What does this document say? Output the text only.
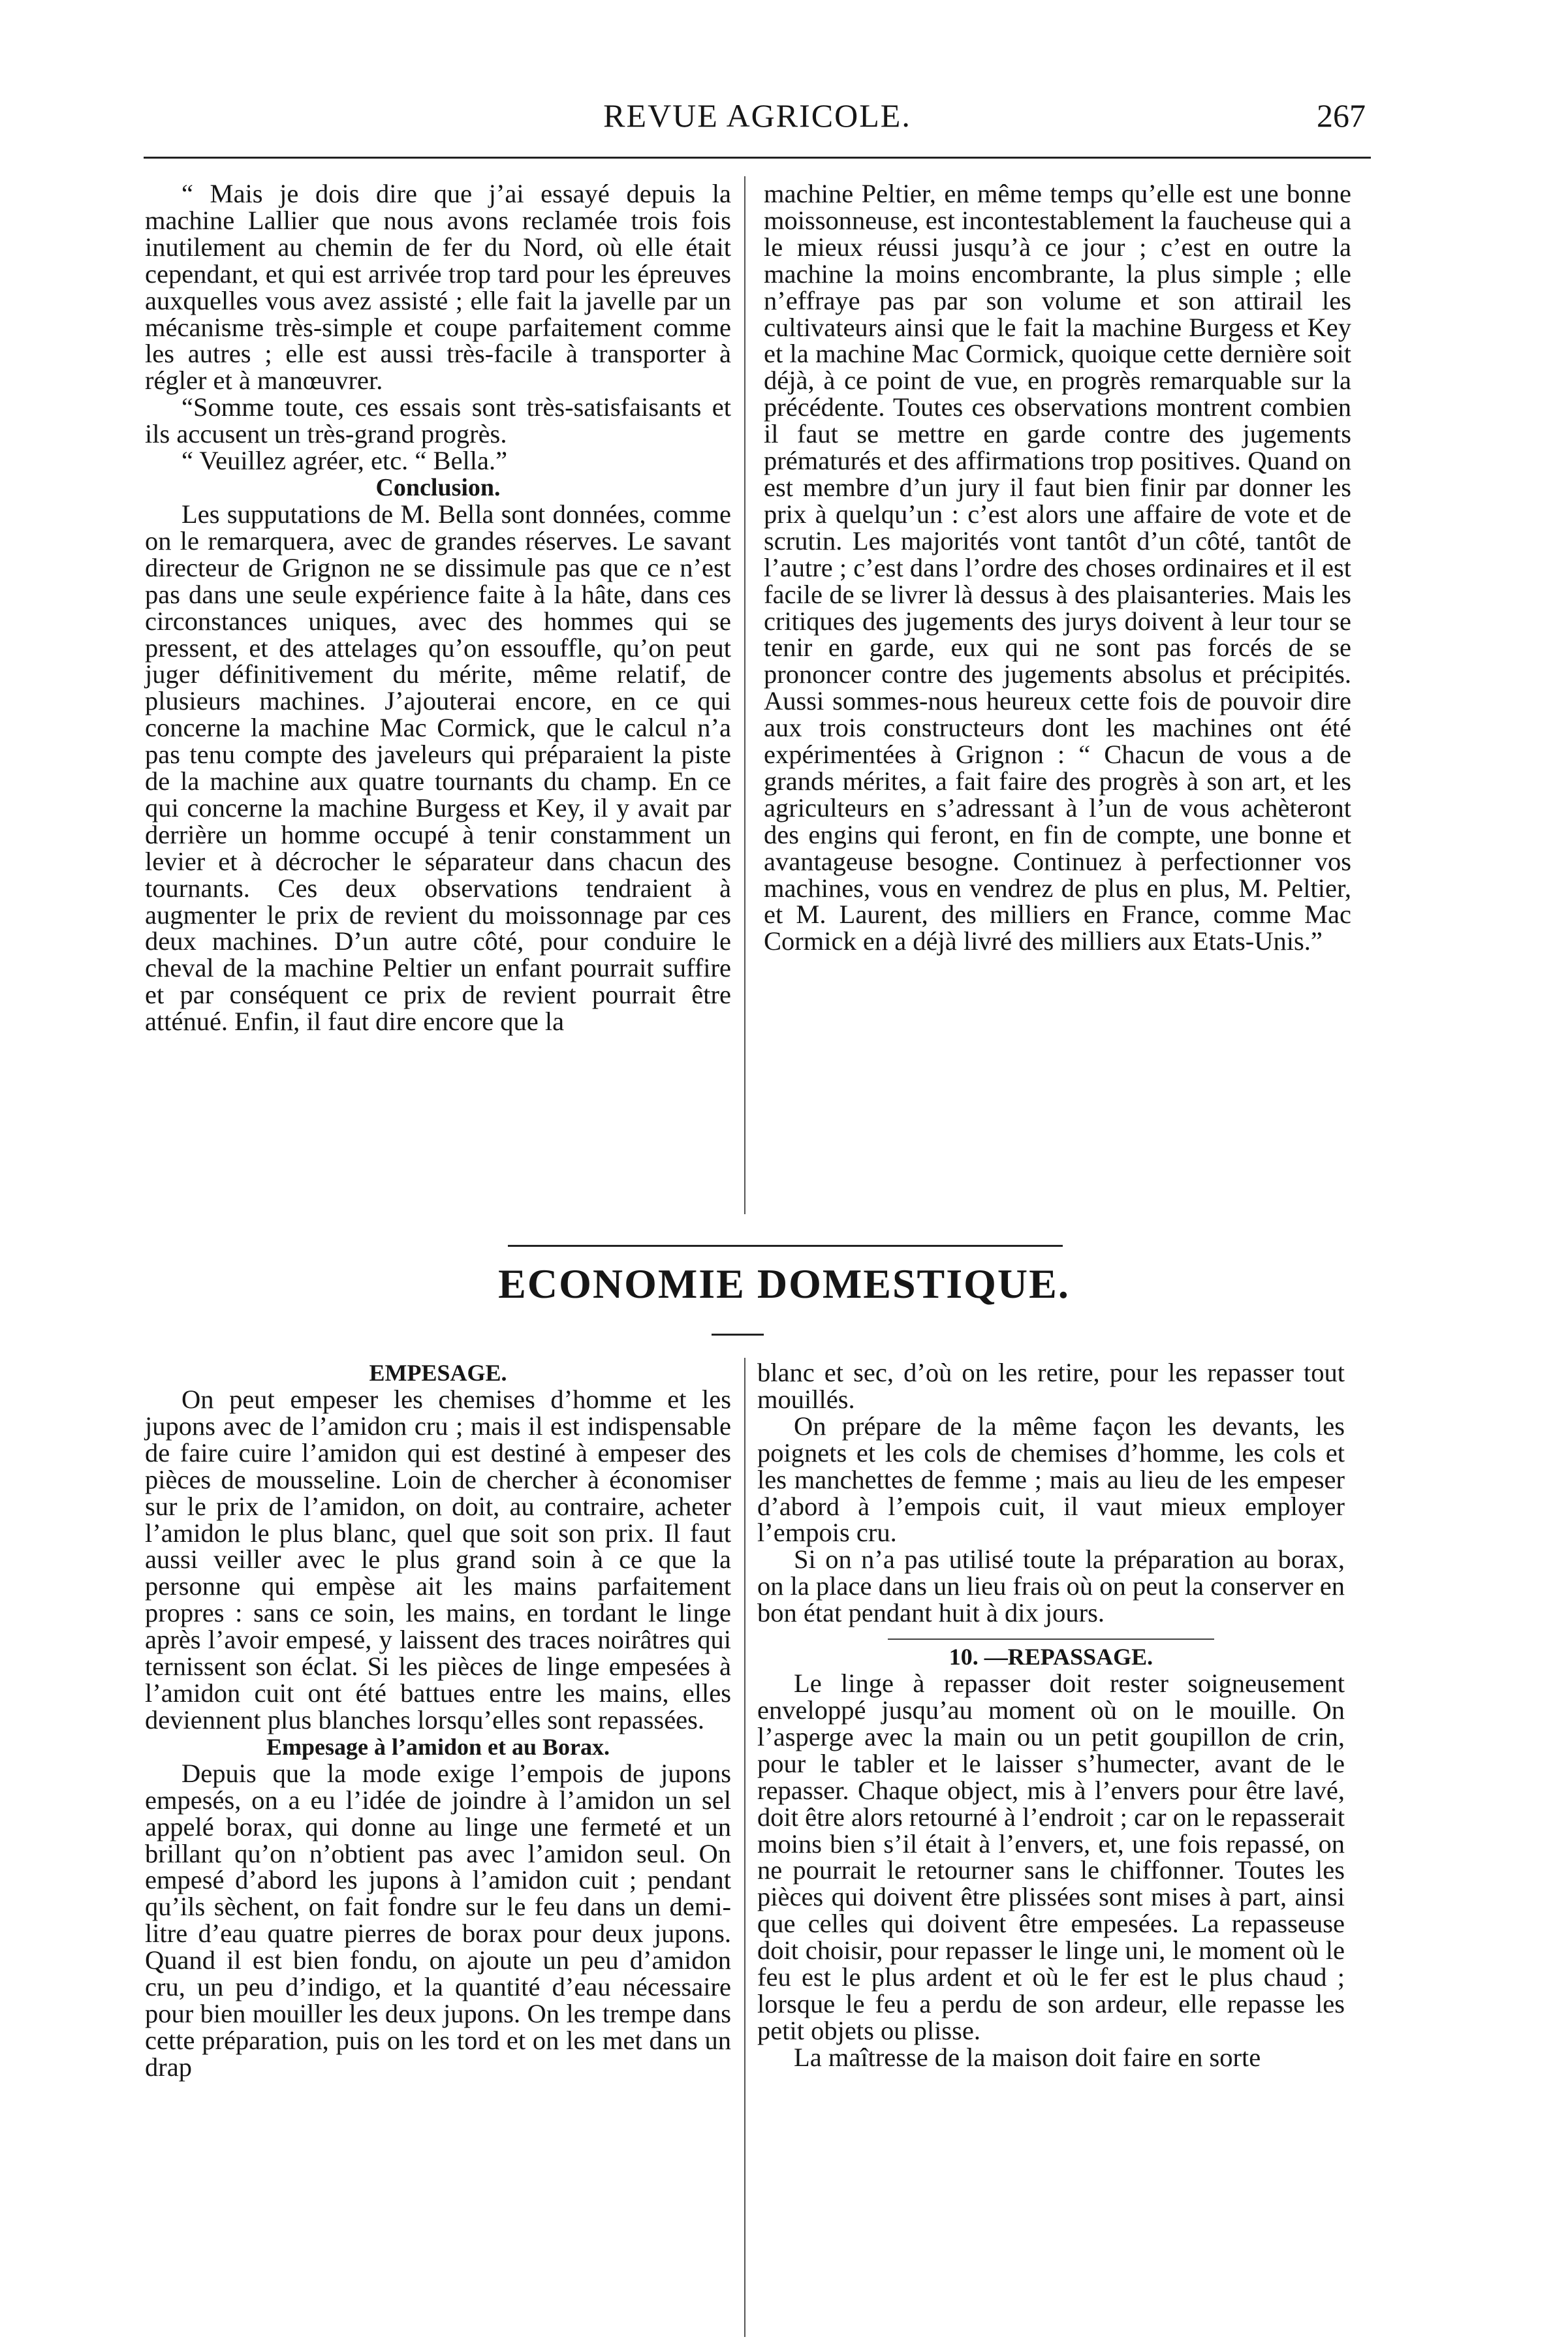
REVUE AGRICOLE.	267

“ Mais je dois dire que j’ai essayé depuis la machine Lallier que nous avons reclamée trois fois inutilement au chemin de fer du Nord, où elle était cependant, et qui est arrivée trop tard pour les épreuves auxquelles vous avez assisté ; elle fait la javelle par un mécanisme très-simple et coupe parfaitement comme les autres ; elle est aussi très-facile à transporter à régler et à manœuvrer.

“Somme toute, ces essais sont très-satisfaisants et ils accusent un très-grand progrès.

“ Veuillez agréer, etc. “ Bella.”

Conclusion.

Les supputations de M. Bella sont données, comme on le remarquera, avec de grandes réserves. Le savant directeur de Grignon ne se dissimule pas que ce n’est pas dans une seule expérience faite à la hâte, dans ces circonstances uniques, avec des hommes qui se pressent, et des attelages qu’on essouffle, qu’on peut juger définitivement du mérite, même relatif, de plusieurs machines. J’ajouterai encore, en ce qui concerne la machine Mac Cormick, que le calcul n’a pas tenu compte des javeleurs qui préparaient la piste de la machine aux quatre tournants du champ. En ce qui concerne la machine Burgess et Key, il y avait par derrière un homme occupé à tenir constamment un levier et à décrocher le séparateur dans chacun des tournants. Ces deux observations tendraient à augmenter le prix de revient du moissonnage par ces deux machines. D’un autre côté, pour conduire le cheval de la machine Peltier un enfant pourrait suffire et par conséquent ce prix de revient pourrait être atténué. Enfin, il faut dire encore que la

machine Peltier, en même temps qu’elle est une bonne moissonneuse, est incontestablement la faucheuse qui a le mieux réussi jusqu’à ce jour ; c’est en outre la machine la moins encombrante, la plus simple ; elle n’effraye pas par son volume et son attirail les cultivateurs ainsi que le fait la machine Burgess et Key et la machine Mac Cormick, quoique cette dernière soit déjà, à ce point de vue, en progrès remarquable sur la précédente. Toutes ces observations montrent combien il faut se mettre en garde contre des jugements prématurés et des affirmations trop positives. Quand on est membre d’un jury il faut bien finir par donner les prix à quelqu’un : c’est alors une affaire de vote et de scrutin. Les majorités vont tantôt d’un côté, tantôt de l’autre ; c’est dans l’ordre des choses ordinaires et il est facile de se livrer là dessus à des plaisanteries. Mais les critiques des jugements des jurys doivent à leur tour se tenir en garde, eux qui ne sont pas forcés de se prononcer contre des jugements absolus et précipités. Aussi sommes-nous heureux cette fois de pouvoir dire aux trois constructeurs dont les machines ont été expérimentées à Grignon : “ Chacun de vous a de grands mérites, a fait faire des progrès à son art, et les agriculteurs en s’adressant à l’un de vous achèteront des engins qui feront, en fin de compte, une bonne et avantageuse besogne. Continuez à perfectionner vos machines, vous en vendrez de plus en plus, M. Peltier, et M. Laurent, des milliers en France, comme Mac Cormick en a déjà livré des milliers aux Etats-Unis.”

ECONOMIE DOMESTIQUE.
EMPESAGE.

On peut empeser les chemises d’homme et les jupons avec de l’amidon cru ; mais il est indispensable de faire cuire l’amidon qui est destiné à empeser des pièces de mousseline. Loin de chercher à économiser sur le prix de l’amidon, on doit, au contraire, acheter l’amidon le plus blanc, quel que soit son prix. Il faut aussi veiller avec le plus grand soin à ce que la personne qui empèse ait les mains parfaitement propres : sans ce soin, les mains, en tordant le linge après l’avoir empesé, y laissent des traces noirâtres qui ternissent son éclat. Si les pièces de linge empesées à l’amidon cuit ont été battues entre les mains, elles deviennent plus blanches lorsqu’elles sont repassées.

Empesage à l’amidon et au Borax.

Depuis que la mode exige l’empois de jupons empesés, on a eu l’idée de joindre à l’amidon un sel appelé borax, qui donne au linge une fermeté et un brillant qu’on n’obtient pas avec l’amidon seul. On empesé d’abord les jupons à l’amidon cuit ; pendant qu’ils sèchent, on fait fondre sur le feu dans un demi-litre d’eau quatre pierres de borax pour deux jupons. Quand il est bien fondu, on ajoute un peu d’amidon cru, un peu d’indigo, et la quantité d’eau nécessaire pour bien mouiller les deux jupons. On les trempe dans cette préparation, puis on les tord et on les met dans un drap

blanc et sec, d’où on les retire, pour les repasser tout mouillés.

On prépare de la même façon les devants, les poignets et les cols de chemises d’homme, les cols et les manchettes de femme ; mais au lieu de les empeser d’abord à l’empois cuit, il vaut mieux employer l’empois cru.

Si on n’a pas utilisé toute la préparation au borax, on la place dans un lieu frais où on peut la conserver en bon état pendant huit à dix jours.

10. —REPASSAGE.

Le linge à repasser doit rester soigneusement enveloppé jusqu’au moment où on le mouille. On l’asperge avec la main ou un petit goupillon de crin, pour le tabler et le laisser s’humecter, avant de le repasser. Chaque object, mis à l’envers pour être lavé, doit être alors retourné à l’endroit ; car on le repasserait moins bien s’il était à l’envers, et, une fois repassé, on ne pourrait le retourner sans le chiffonner. Toutes les pièces qui doivent être plissées sont mises à part, ainsi que celles qui doivent être empesées. La repasseuse doit choisir, pour repasser le linge uni, le moment où le feu est le plus ardent et où le fer est le plus chaud ; lorsque le feu a perdu de son ardeur, elle repasse les petit objets ou plisse.

La maîtresse de la maison doit faire en sorte
